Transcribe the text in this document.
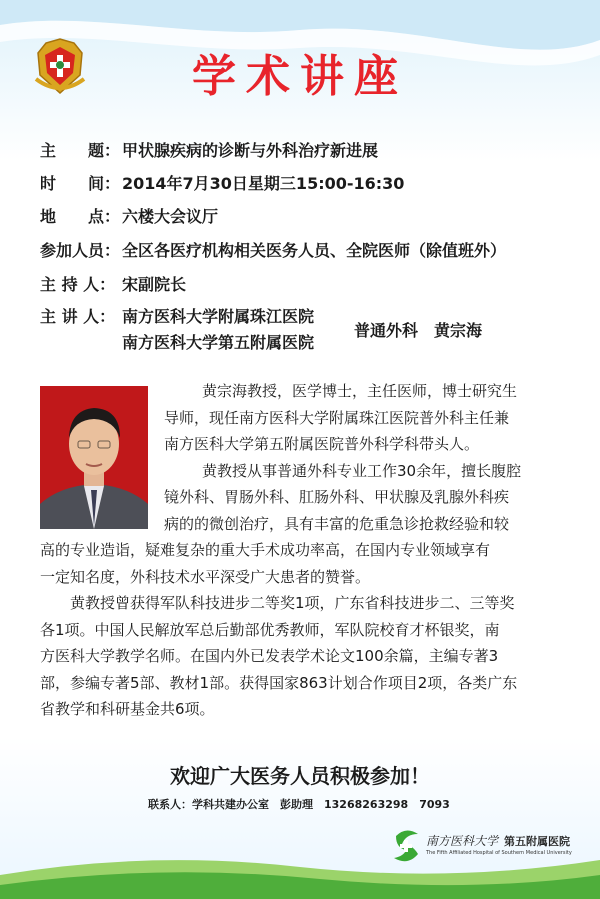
学术讲座
主　　题： 甲状腺疾病的诊断与外科治疗新进展
时　　间： 2014年7月30日星期三15:00-16:30
地　　点： 六楼大会议厅
参加人员： 全区各医疗机构相关医务人员、全院医师（除值班外）
主 持 人： 宋副院长
主 讲 人： 南方医科大学附属珠江医院
南方医科大学第五附属医院
普通外科　黄宗海

黄宗海教授，医学博士，主任医师，博士研究生

导师，现任南方医科大学附属珠江医院普外科主任兼

南方医科大学第五附属医院普外科学科带头人。

黄教授从事普通外科专业工作30余年，擅长腹腔

镜外科、胃肠外科、肛肠外科、甲状腺及乳腺外科疾

病的的微创治疗，具有丰富的危重急诊抢救经验和较

高的专业造诣，疑难复杂的重大手术成功率高，在国内专业领域享有

一定知名度，外科技术水平深受广大患者的赞誉。

黄教授曾获得军队科技进步二等奖1项，广东省科技进步二、三等奖

各1项。中国人民解放军总后勤部优秀教师，军队院校育才杯银奖，南

方医科大学教学名师。在国内外已发表学术论文100余篇，主编专著3

部，参编专著5部、教材1部。获得国家863计划合作项目2项，各类广东

省教学和科研基金共6项。

欢迎广大医务人员积极参加！
联系人：学科共建办公室　彭助理　13268263298　7093
南方医科大学 第五附属医院
The Fifth Affiliated Hospital of Southern Medical University
